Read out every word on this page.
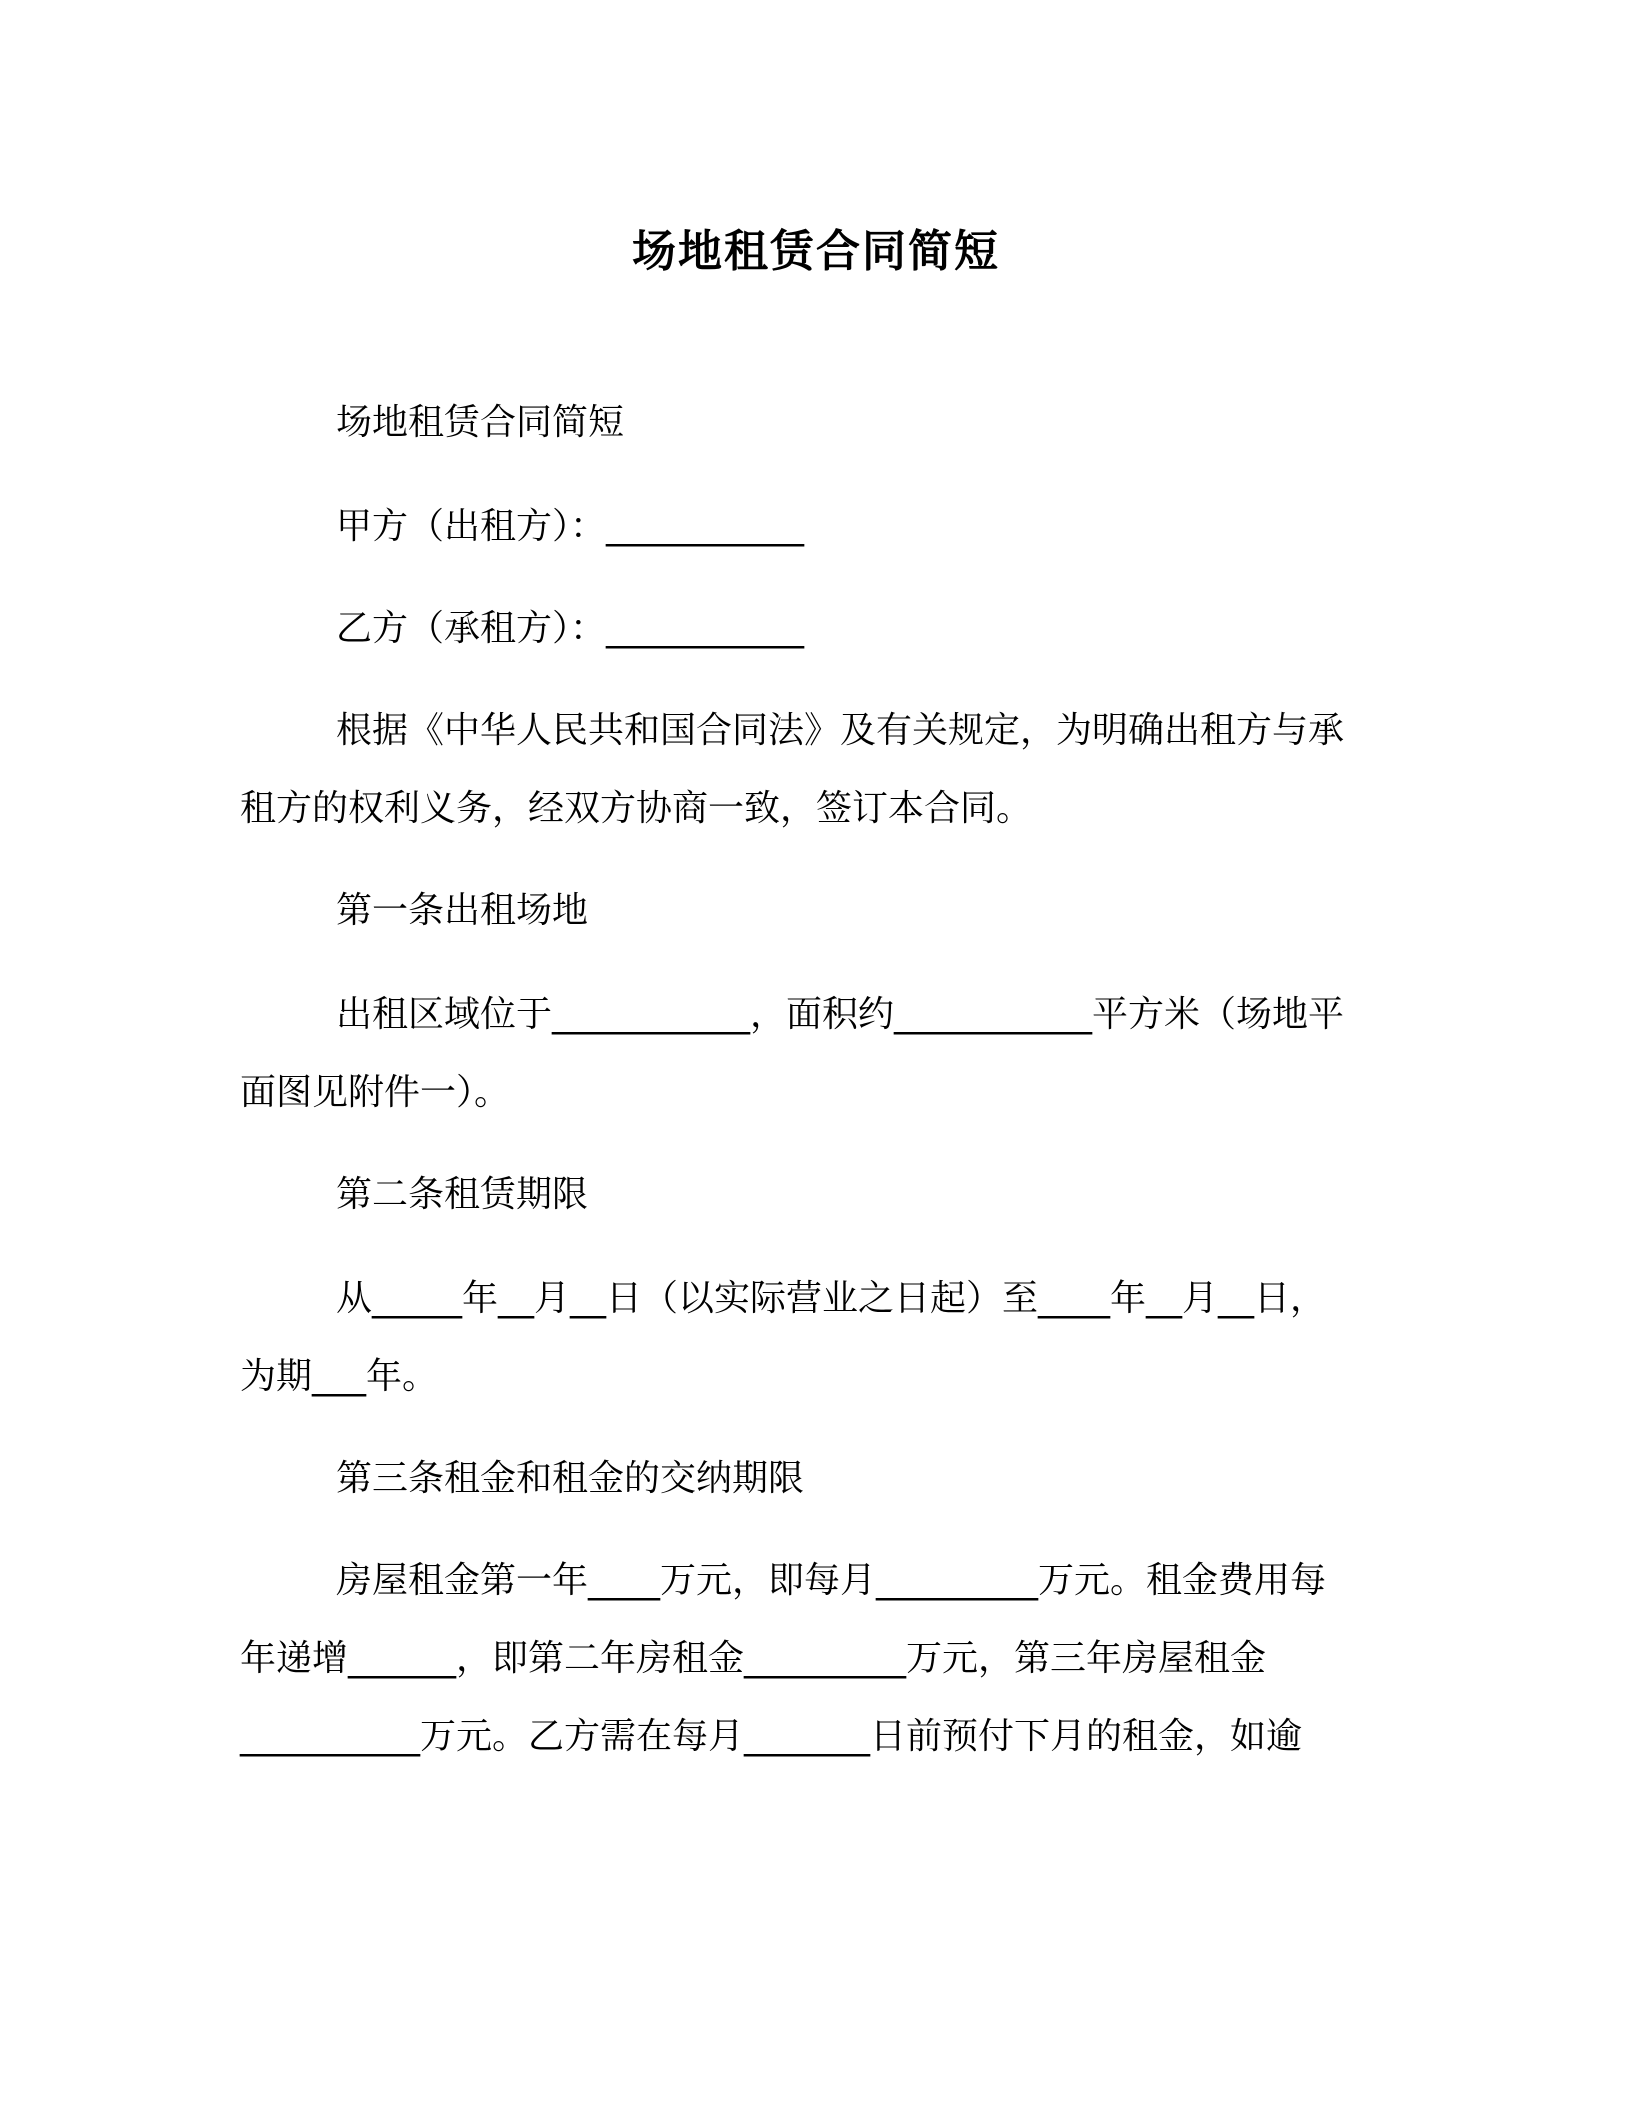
场地租赁合同简短
场地租赁合同简短
甲方（出租方）：___________
乙方（承租方）：___________
根据《中华人民共和国合同法》及有关规定，为明确出租方与承
租方的权利义务，经双方协商一致，签订本合同。
第一条出租场地
出租区域位于___________，面积约___________平方米（场地平
面图见附件一）。
第二条租赁期限
从_____年__月__日（以实际营业之日起）至____年__月__日，
为期___年。
第三条租金和租金的交纳期限
房屋租金第一年____万元，即每月_________万元。租金费用每
年递增______，即第二年房租金_________万元，第三年房屋租金
__________万元。乙方需在每月_______日前预付下月的租金，如逾
